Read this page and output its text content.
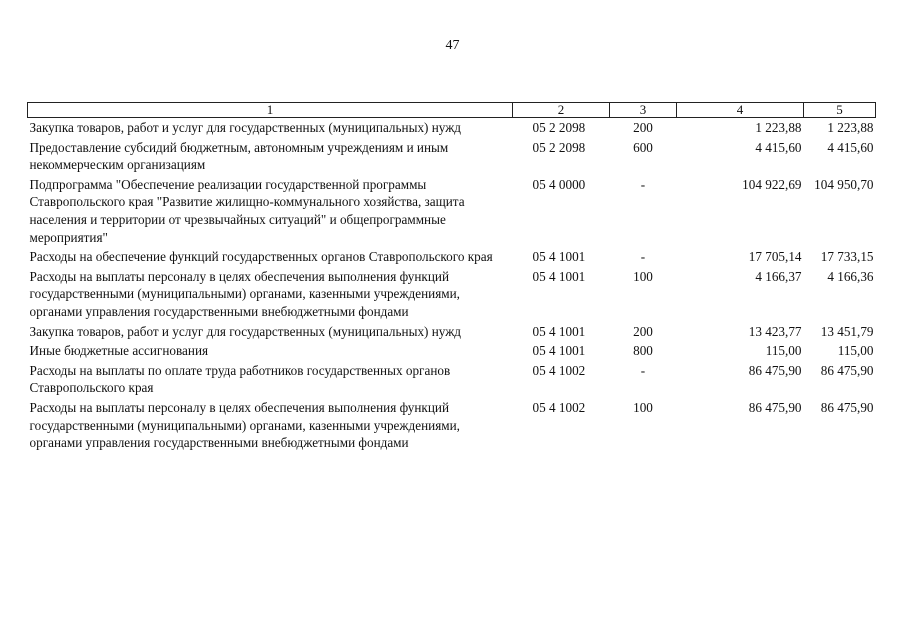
47
1	2	3	4	5
Закупка товаров, работ и услуг для государственных (муниципальных) нужд	05 2 2098	200	1 223,88	1 223,88
Предоставление субсидий бюджетным, автономным учреждениям и иным некоммерческим организациям	05 2 2098	600	4 415,60	4 415,60
Подпрограмма "Обеспечение реализации государственной программы Ставропольского края "Развитие жилищно-коммунального хозяйства, защита населения и территории от чрезвычайных ситуаций" и общепрограммные мероприятия"	05 4 0000	-	104 922,69	104 950,70
Расходы на обеспечение функций государственных органов Ставропольского края	05 4 1001	-	17 705,14	17 733,15
Расходы на выплаты персоналу в целях обеспечения выполнения функций государственными (муниципальными) органами, казенными учреждениями, органами управления государственными внебюджетными фондами	05 4 1001	100	4 166,37	4 166,36
Закупка товаров, работ и услуг для государственных (муниципальных) нужд	05 4 1001	200	13 423,77	13 451,79
Иные бюджетные ассигнования	05 4 1001	800	115,00	115,00
Расходы на выплаты по оплате труда работников государственных органов Ставропольского края	05 4 1002	-	86 475,90	86 475,90
Расходы на выплаты персоналу в целях обеспечения выполнения функций государственными (муниципальными) органами, казенными учреждениями, органами управления государственными внебюджетными фондами	05 4 1002	100	86 475,90	86 475,90
